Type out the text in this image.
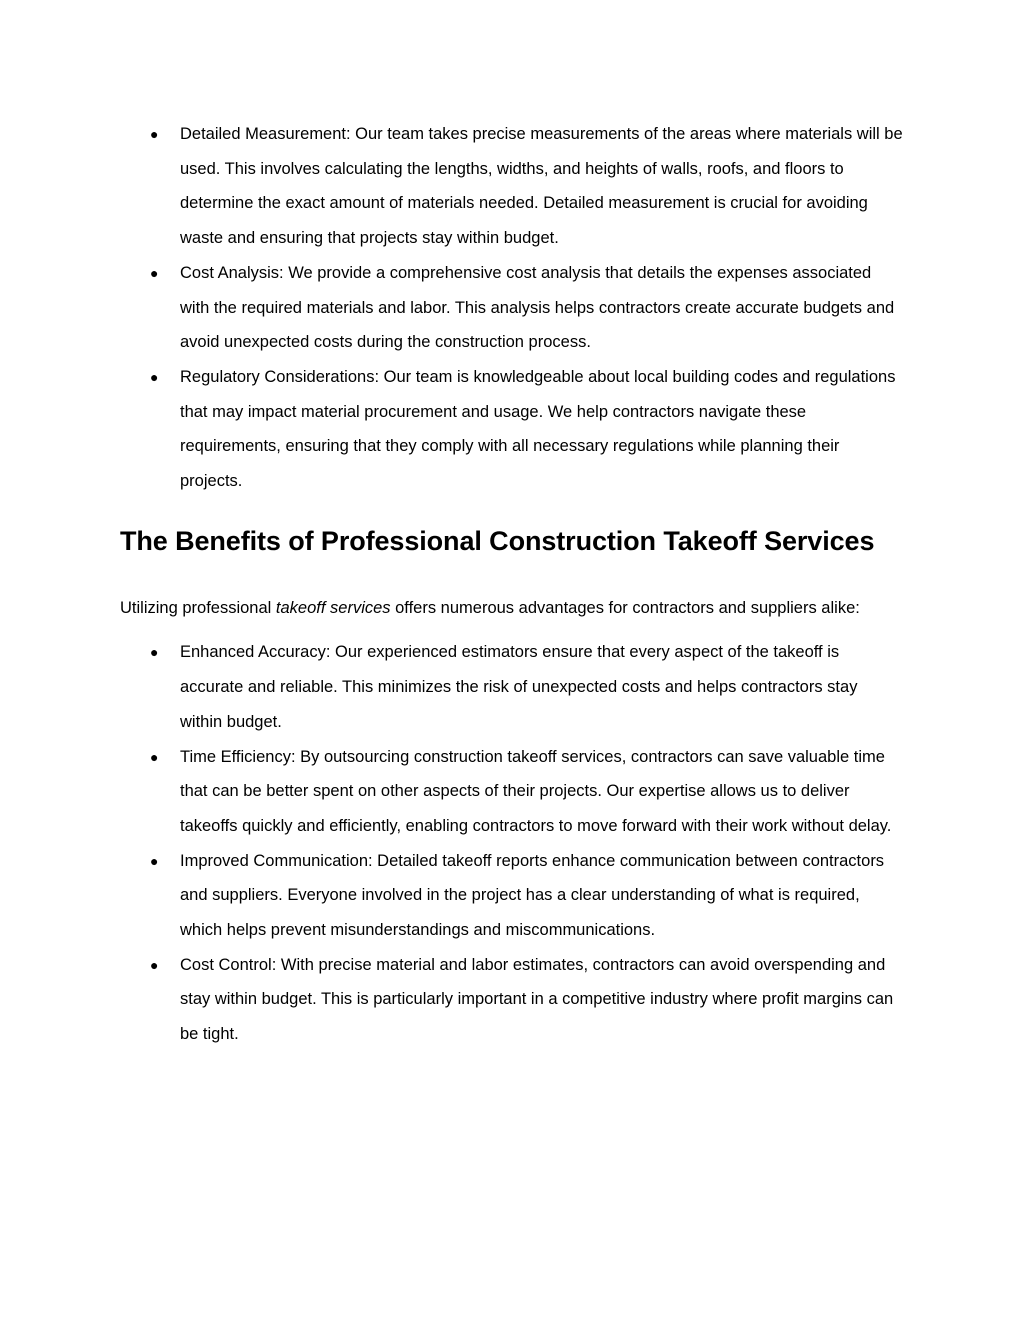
● Detailed Measurement: Our team takes precise measurements of the areas where materials will be used. This involves calculating the lengths, widths, and heights of walls, roofs, and floors to determine the exact amount of materials needed. Detailed measurement is crucial for avoiding waste and ensuring that projects stay within budget.
● Cost Analysis: We provide a comprehensive cost analysis that details the expenses associated with the required materials and labor. This analysis helps contractors create accurate budgets and avoid unexpected costs during the construction process.
● Regulatory Considerations: Our team is knowledgeable about local building codes and regulations that may impact material procurement and usage. We help contractors navigate these requirements, ensuring that they comply with all necessary regulations while planning their projects.
The Benefits of Professional Construction Takeoff Services

Utilizing professional takeoff services offers numerous advantages for contractors and suppliers alike:

● Enhanced Accuracy: Our experienced estimators ensure that every aspect of the takeoff is accurate and reliable. This minimizes the risk of unexpected costs and helps contractors stay within budget.
● Time Efficiency: By outsourcing construction takeoff services, contractors can save valuable time that can be better spent on other aspects of their projects. Our expertise allows us to deliver takeoffs quickly and efficiently, enabling contractors to move forward with their work without delay.
● Improved Communication: Detailed takeoff reports enhance communication between contractors and suppliers. Everyone involved in the project has a clear understanding of what is required, which helps prevent misunderstandings and miscommunications.
● Cost Control: With precise material and labor estimates, contractors can avoid overspending and stay within budget. This is particularly important in a competitive industry where profit margins can be tight.
